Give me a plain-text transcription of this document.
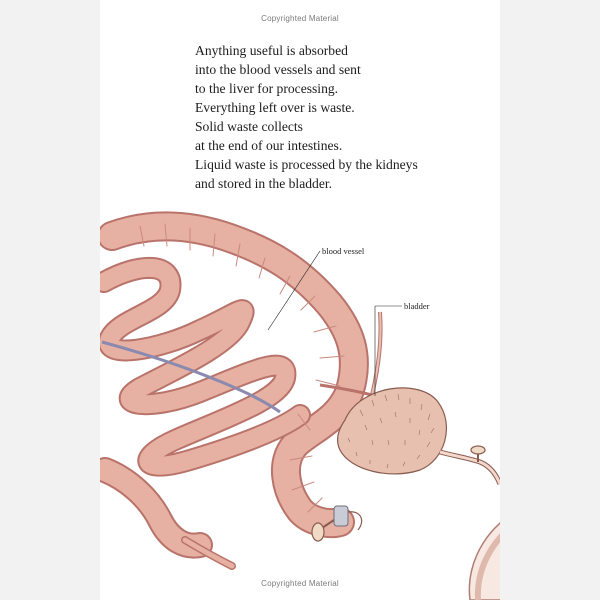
Copyrighted Material
Anything useful is absorbed
into the blood vessels and sent
to the liver for processing.
Everything left over is waste.
Solid waste collects
at the end of our intestines.
Liquid waste is processed by the kidneys
and stored in the bladder.
blood vessel
bladder
Copyrighted Material
